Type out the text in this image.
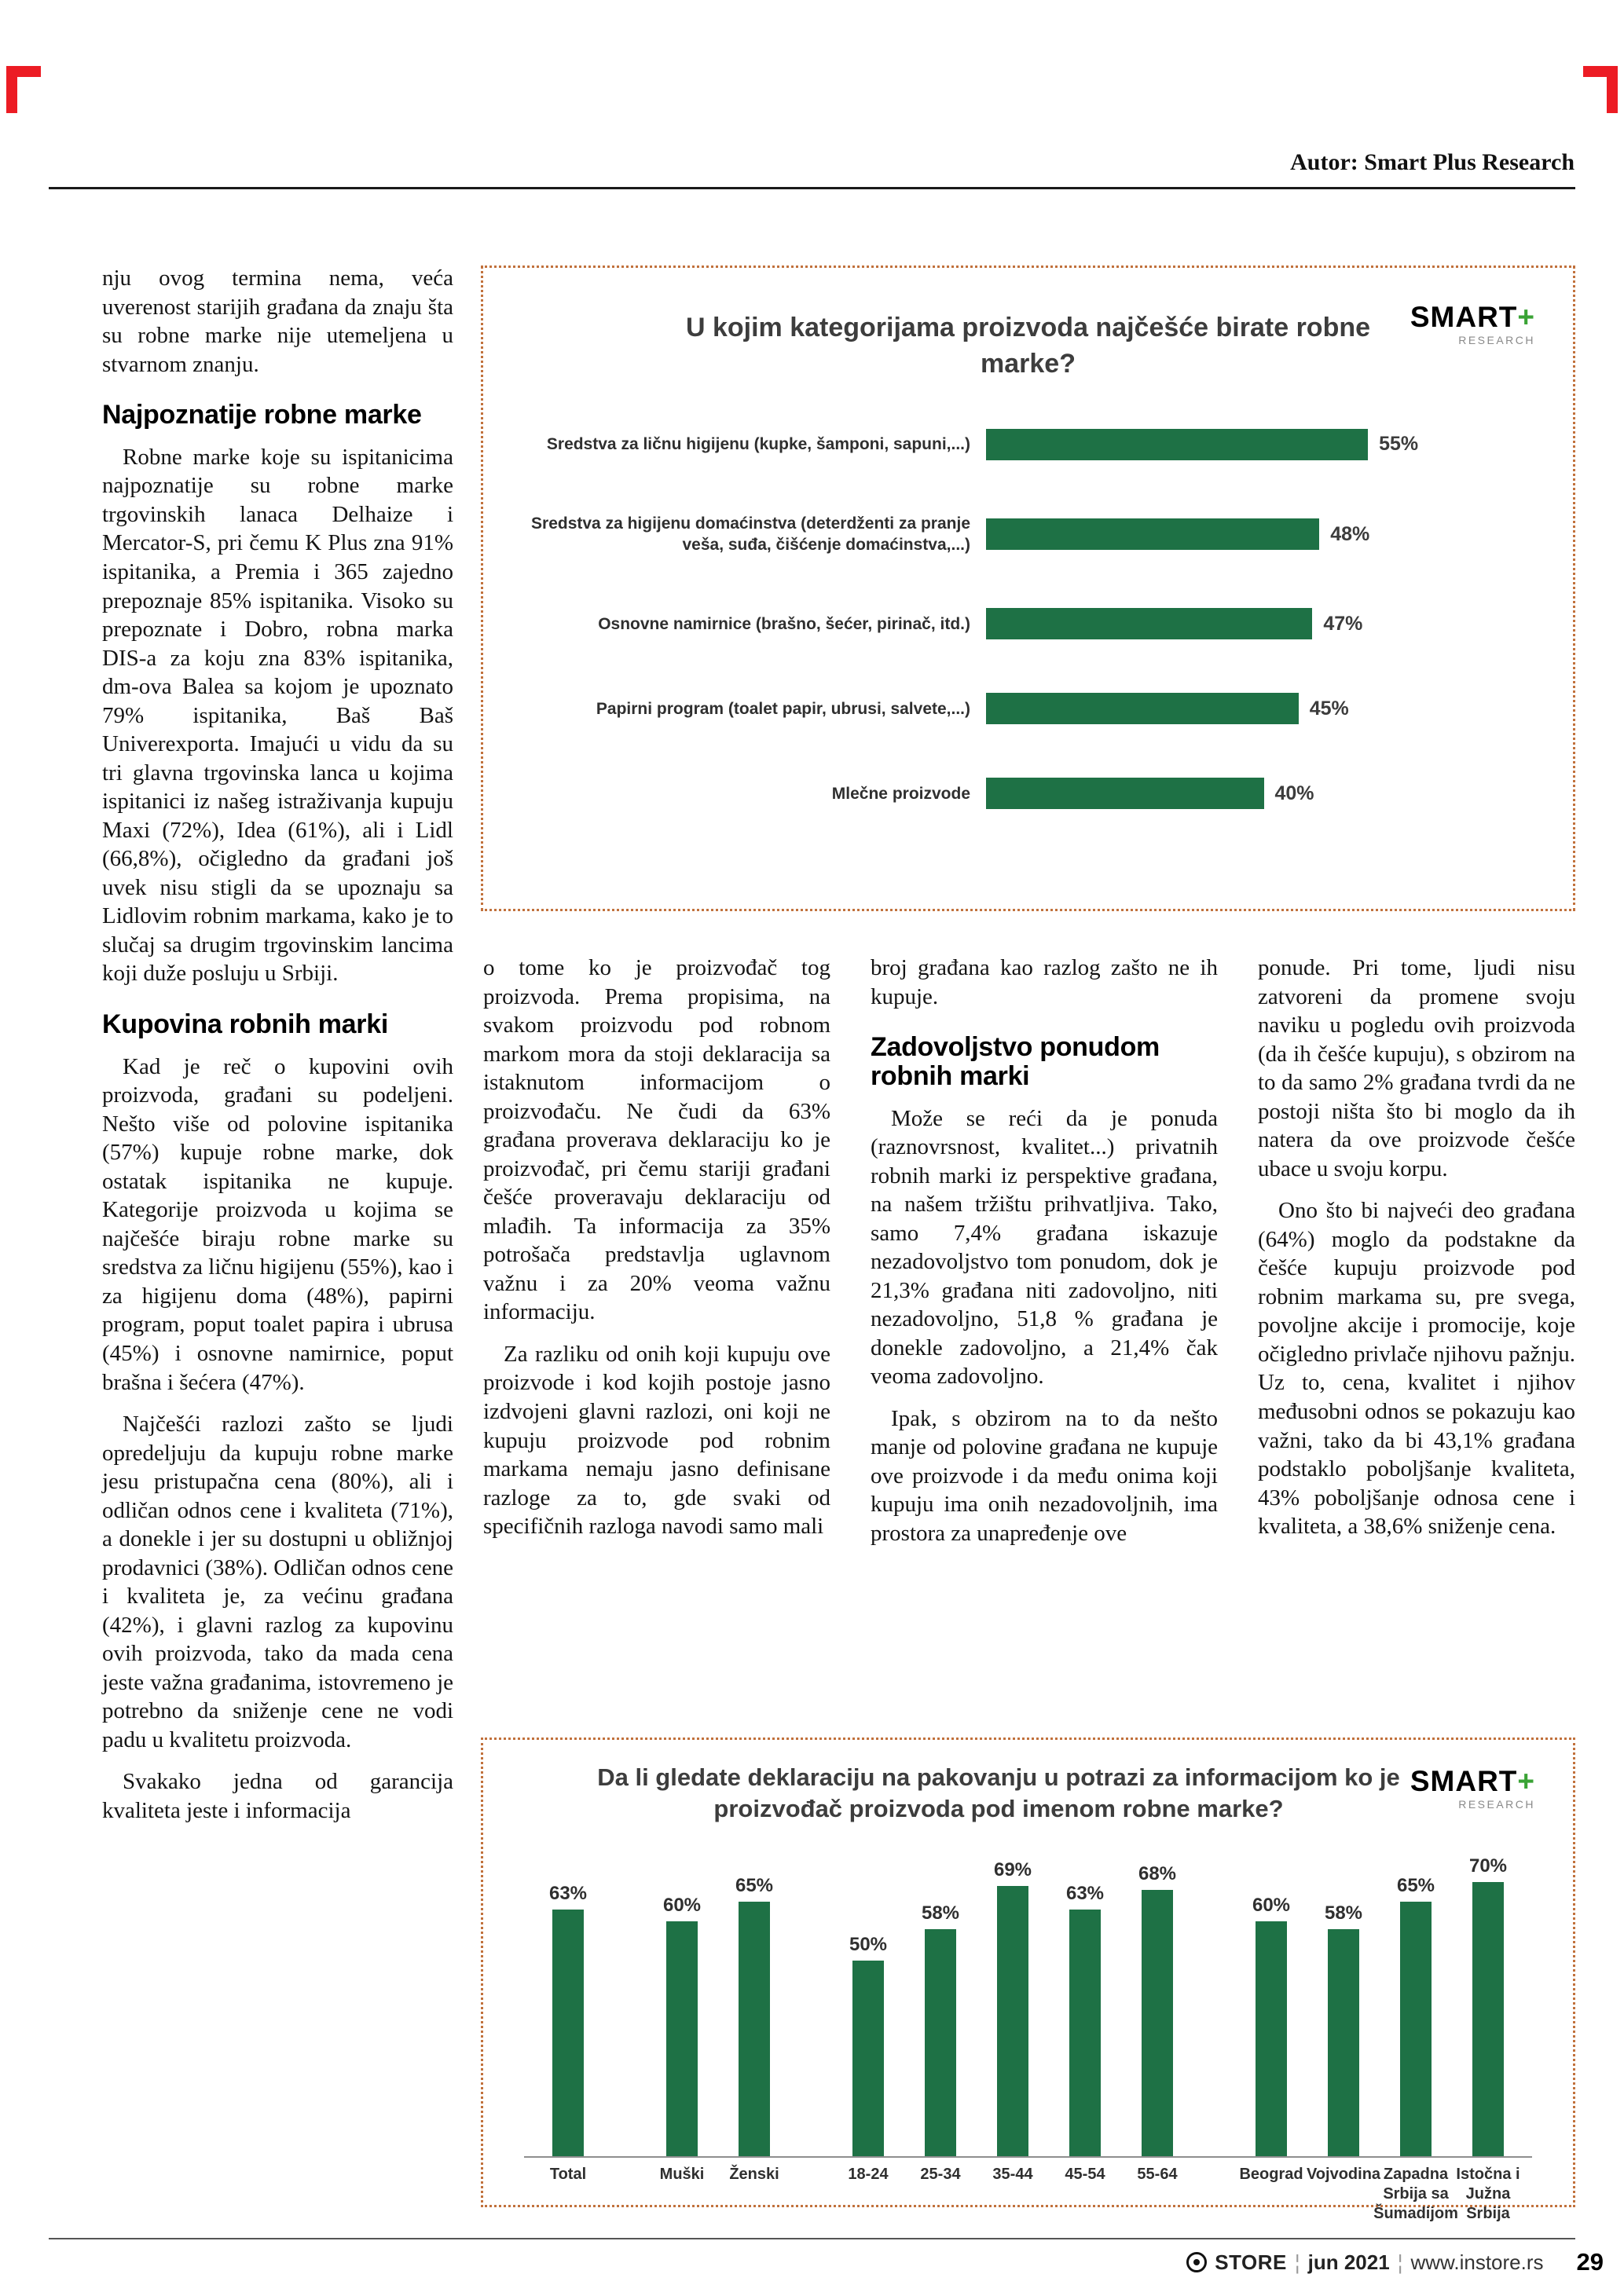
Autor: Smart Plus Research

nju ovog termina nema, veća uverenost starijih građana da znaju šta su robne marke nije utemeljena u stvarnom znanju.

Najpoznatije robne marke

Robne marke koje su ispitanicima najpoznatije su robne marke trgovinskih lanaca Delhaize i Mercator-S, pri čemu K Plus zna 91% ispitanika, a Premia i 365 zajedno prepoznaje 85% ispitanika. Visoko su prepoznate i Dobro, robna marka DIS-a za koju zna 83% ispitanika, dm-ova Balea sa kojom je upoznato 79% ispitanika, Baš Baš Univerexporta. Imajući u vidu da su tri glavna trgovinska lanca u kojima ispitanici iz našeg istraživanja kupuju Maxi (72%), Idea (61%), ali i Lidl (66,8%), očigledno da građani još uvek nisu stigli da se upoznaju sa Lidlovim robnim markama, kako je to slučaj sa drugim trgovinskim lancima koji duže posluju u Srbiji.

Kupovina robnih marki

Kad je reč o kupovini ovih proizvoda, građani su podeljeni. Nešto više od polovine ispitanika (57%) kupuje robne marke, dok ostatak ispitanika ne kupuje. Kategorije proizvoda u kojima se najčešće biraju robne marke su sredstva za ličnu higijenu (55%), kao i za higijenu doma (48%), papirni program, poput toalet papira i ubrusa (45%) i osnovne namirnice, poput brašna i šećera (47%).

Najčešći razlozi zašto se ljudi opredeljuju da kupuju robne marke jesu pristupačna cena (80%), ali i odličan odnos cene i kvaliteta (71%), a donekle i jer su dostupni u obližnjoj prodavnici (38%). Odličan odnos cene i kvaliteta je, za većinu građana (42%), i glavni razlog za kupovinu ovih proizvoda, tako da mada cena jeste važna građanima, istovremeno je potrebno da sniženje cene ne vodi padu u kvalitetu proizvoda.

Svakako jedna od garancija kvaliteta jeste i informacija

SMART+
RESEARCH
U kojim kategorijama proizvoda najčešće birate robne marke?
Sredstva za ličnu higijenu (kupke, šamponi, sapuni,...)	55%
Sredstva za higijenu domaćinstva (deterdženti za pranje veša, suđa, čišćenje domaćinstva,...)	48%
Osnovne namirnice (brašno, šećer, pirinač, itd.)	47%
Papirni program (toalet papir, ubrusi, salvete,...)	45%
Mlečne proizvode	40%

o tome ko je proizvođač tog proizvoda. Prema propisima, na svakom proizvodu pod robnom markom mora da stoji deklaracija sa istaknutom informacijom o proizvođaču. Ne čudi da 63% građana proverava deklaraciju ko je proizvođač, pri čemu stariji građani češće proveravaju deklaraciju od mlađih. Ta informacija za 35% potrošača predstavlja uglavnom važnu i za 20% veoma važnu informaciju.

Za razliku od onih koji kupuju ove proizvode i kod kojih postoje jasno izdvojeni glavni razlozi, oni koji ne kupuju proizvode pod robnim markama nemaju jasno definisane razloge za to, gde svaki od specifičnih razloga navodi samo mali

broj građana kao razlog zašto ne ih kupuje.

Zadovoljstvo ponudom robnih marki

Može se reći da je ponuda (raznovrsnost, kvalitet...) privatnih robnih marki iz perspektive građana, na našem tržištu prihvatljiva. Tako, samo 7,4% građana iskazuje nezadovoljstvo tom ponudom, dok je 21,3% građana niti zadovoljno, niti nezadovoljno, 51,8 % građana je donekle zadovoljno, a 21,4% čak veoma zadovoljno.

Ipak, s obzirom na to da nešto manje od polovine građana ne kupuje ove proizvode i da među onima koji kupuju ima onih nezadovoljnih, ima prostora za unapređenje ove

ponude. Pri tome, ljudi nisu zatvoreni da promene svoju naviku u pogledu ovih proizvoda (da ih češće kupuju), s obzirom na to da samo 2% građana tvrdi da ne postoji ništa što bi moglo da ih natera da ove proizvode češće ubace u svoju korpu.

Ono što bi najveći deo građana (64%) moglo da podstakne da češće kupuju proizvode pod robnim markama su, pre svega, povoljne akcije i promocije, koje očigledno privlače njihovu pažnju. Uz to, cena, kvalitet i njihov međusobni odnos se pokazuju kao važni, tako da bi 43,1% građana podstaklo poboljšanje kvaliteta, 43% poboljšanje odnosa cene i kvaliteta, a 38,6% sniženje cena.

SMART+
RESEARCH
Da li gledate deklaraciju na pakovanju u potrazi za informacijom ko je proizvođač proizvoda pod imenom robne marke?
63%
Total
60%
Muški
65%
Ženski
50%
18-24
58%
25-34
69%
35-44
63%
45-54
68%
55-64
60%
Beograd
58%
Vojvodina
65%
Zapadna Srbija sa Šumadijom
70%
Istočna i Južna Srbija
STORE ¦ jun 2021 ¦ www.instore.rs 29
